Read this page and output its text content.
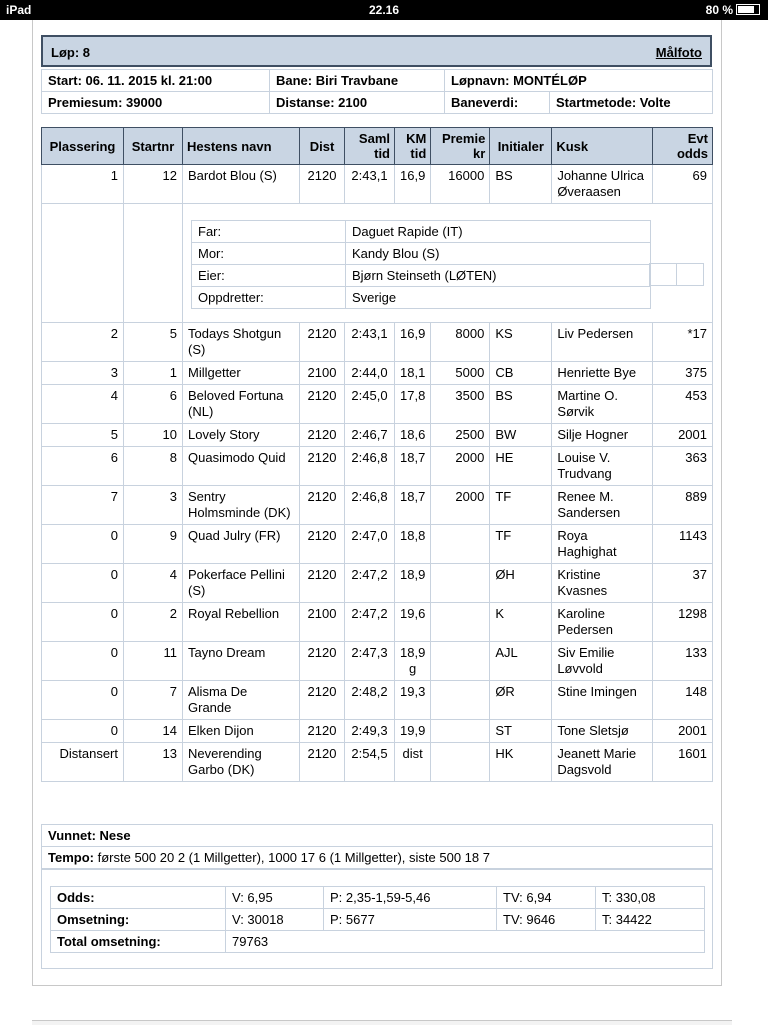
iPad	22.16	80 %
Løp: 8	Målfoto
Start: 06. 11. 2015 kl. 21:00	Bane: Biri Travbane	Løpnavn: MONTÉLØP	
Premiesum: 39000	Distanse: 2100	Baneverdi:	Startmetode: Volte
Plassering	Startnr	Hestens navn	Dist	Saml tid	KM tid	Premie kr	Initialer	Kusk	Evt odds
1	12	Bardot Blou (S)	2120	2:43,1	16,9	16000	BS	Johanne Ulrica Øveraasen	69

Far:	Daguet Rapide (IT)
Mor:	Kandy Blou (S)
Eier:	Bjørn Steinseth (LØTEN)
Oppdretter:	Sverige

2	5	Todays Shotgun (S)	2120	2:43,1	16,9	8000	KS	Liv Pedersen	*17
3	1	Millgetter	2100	2:44,0	18,1	5000	CB	Henriette Bye	375
4	6	Beloved Fortuna (NL)	2120	2:45,0	17,8	3500	BS	Martine O. Sørvik	453
5	10	Lovely Story	2120	2:46,7	18,6	2500	BW	Silje Hogner	2001
6	8	Quasimodo Quid	2120	2:46,8	18,7	2000	HE	Louise V. Trudvang	363
7	3	Sentry Holmsminde (DK)	2120	2:46,8	18,7	2000	TF	Renee M. Sandersen	889
0	9	Quad Julry (FR)	2120	2:47,0	18,8		TF	Roya Haghighat	1143
0	4	Pokerface Pellini (S)	2120	2:47,2	18,9		ØH	Kristine Kvasnes	37
0	2	Royal Rebellion	2100	2:47,2	19,6		K	Karoline Pedersen	1298
0	11	Tayno Dream	2120	2:47,3	18,9 g		AJL	Siv Emilie Løvvold	133
0	7	Alisma De Grande	2120	2:48,2	19,3		ØR	Stine Imingen	148
0	14	Elken Dijon	2120	2:49,3	19,9		ST	Tone Sletsjø	2001
Distansert	13	Neverending Garbo (DK)	2120	2:54,5	dist		HK	Jeanett Marie Dagsvold	1601
Vunnet: Nese
Tempo: første 500 20 2 (1 Millgetter), 1000 17 6 (1 Millgetter), siste 500 18 7
Odds:	V: 6,95	P: 2,35-1,59-5,46	TV: 6,94	T: 330,08
Omsetning:	V: 30018	P: 5677	TV: 9646	T: 34422
Total omsetning:	79763			
